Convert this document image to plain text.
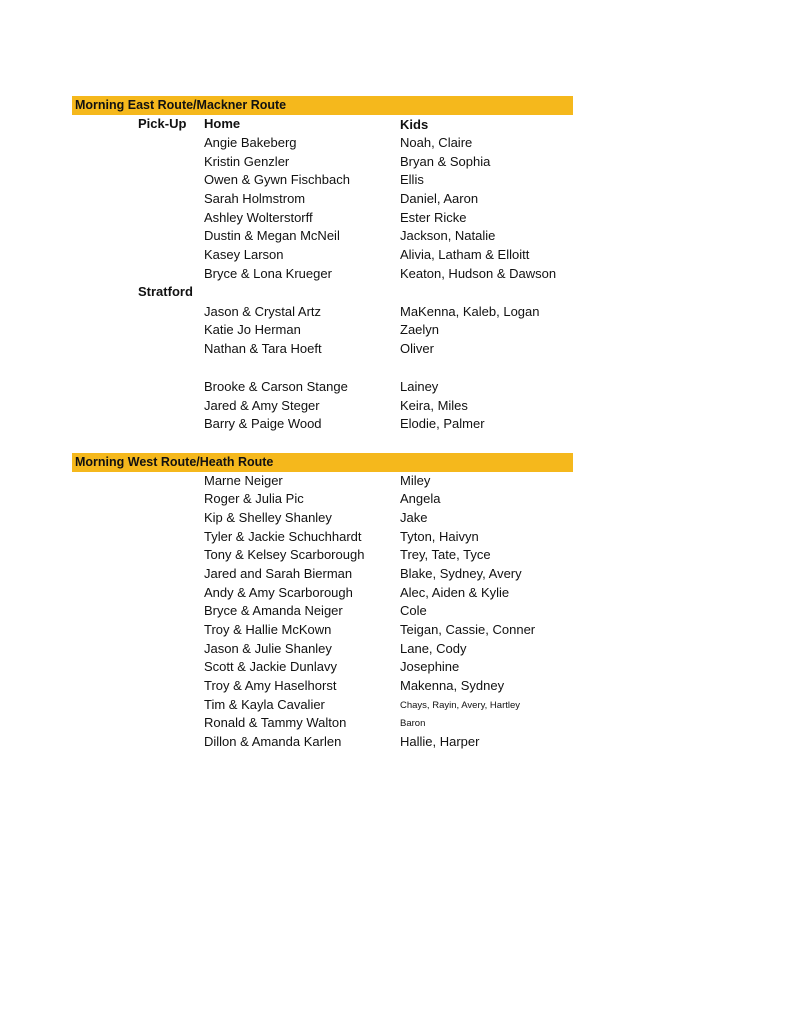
Morning East Route/Mackner Route
Pick-Up Home	Kids
Angie Bakeberg	Noah, Claire
Kristin Genzler	Bryan & Sophia
Owen & Gywn Fischbach	Ellis
Sarah Holmstrom	Daniel, Aaron
Ashley Wolterstorff	Ester Ricke
Dustin & Megan McNeil	Jackson, Natalie
Kasey Larson	Alivia, Latham & Elloitt
Bryce & Lona Krueger	Keaton, Hudson & Dawson
Stratford
Jason & Crystal Artz	MaKenna, Kaleb, Logan
Katie Jo Herman	Zaelyn
Nathan & Tara Hoeft	Oliver
Brooke & Carson Stange	Lainey
Jared & Amy Steger	Keira, Miles
Barry & Paige Wood	Elodie, Palmer
Morning West Route/Heath Route
Marne Neiger	Miley
Roger & Julia Pic	Angela
Kip & Shelley Shanley	Jake
Tyler & Jackie Schuchhardt	Tyton, Haivyn
Tony & Kelsey Scarborough	Trey, Tate, Tyce
Jared and Sarah Bierman	Blake, Sydney, Avery
Andy & Amy Scarborough	Alec, Aiden & Kylie
Bryce & Amanda Neiger	Cole
Troy & Hallie McKown	Teigan, Cassie, Conner
Jason & Julie Shanley	Lane, Cody
Scott & Jackie Dunlavy	Josephine
Troy & Amy Haselhorst	Makenna, Sydney
Tim & Kayla Cavalier	Chays, Rayin, Avery, Hartley
Ronald & Tammy Walton	Baron
Dillon & Amanda Karlen	Hallie, Harper
